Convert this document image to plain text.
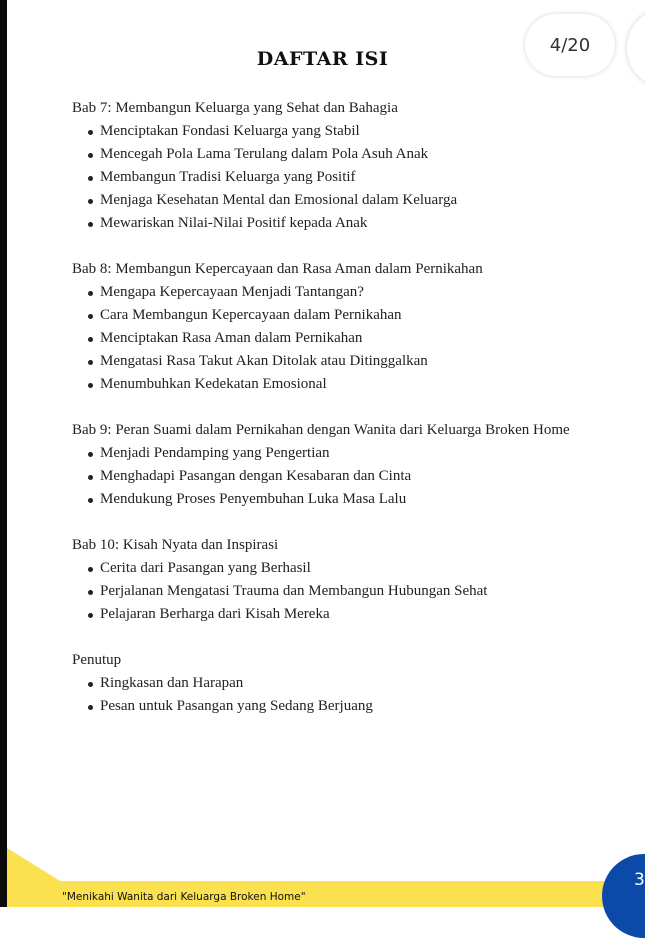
DAFTAR ISI
4/20
Bab 7: Membangun Keluarga yang Sehat dan Bahagia
Menciptakan Fondasi Keluarga yang Stabil
Mencegah Pola Lama Terulang dalam Pola Asuh Anak
Membangun Tradisi Keluarga yang Positif
Menjaga Kesehatan Mental dan Emosional dalam Keluarga
Mewariskan Nilai-Nilai Positif kepada Anak
Bab 8: Membangun Kepercayaan dan Rasa Aman dalam Pernikahan
Mengapa Kepercayaan Menjadi Tantangan?
Cara Membangun Kepercayaan dalam Pernikahan
Menciptakan Rasa Aman dalam Pernikahan
Mengatasi Rasa Takut Akan Ditolak atau Ditinggalkan
Menumbuhkan Kedekatan Emosional
Bab 9: Peran Suami dalam Pernikahan dengan Wanita dari Keluarga Broken Home
Menjadi Pendamping yang Pengertian
Menghadapi Pasangan dengan Kesabaran dan Cinta
Mendukung Proses Penyembuhan Luka Masa Lalu
Bab 10: Kisah Nyata dan Inspirasi
Cerita dari Pasangan yang Berhasil
Perjalanan Mengatasi Trauma dan Membangun Hubungan Sehat
Pelajaran Berharga dari Kisah Mereka
Penutup
Ringkasan dan Harapan
Pesan untuk Pasangan yang Sedang Berjuang
"Menikahi Wanita dari Keluarga Broken Home"
3
